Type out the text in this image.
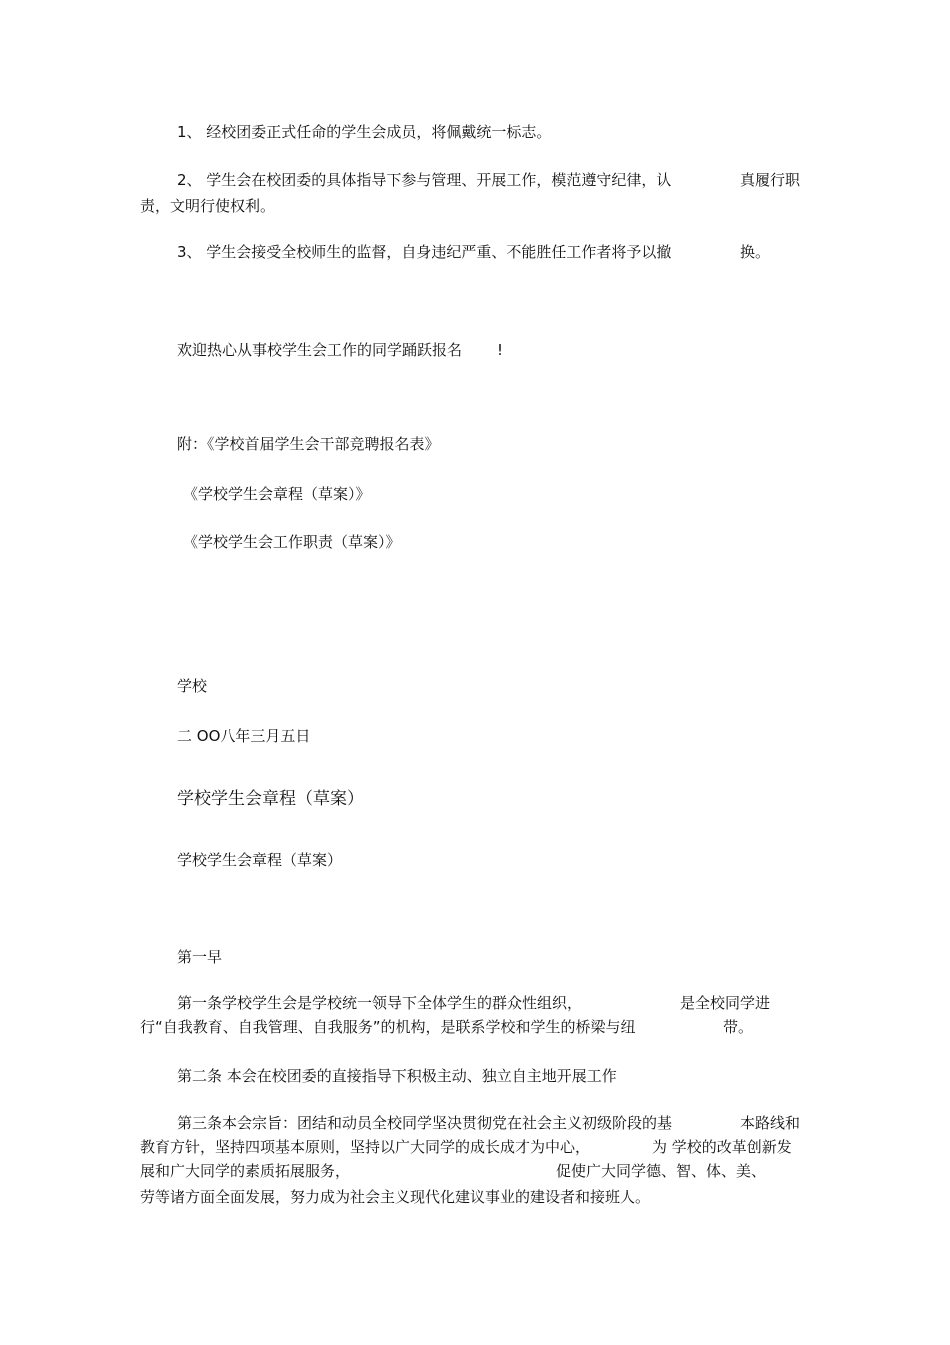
1、 经校团委正式任命的学生会成员，将佩戴统一标志。
2、 学生会在校团委的具体指导下参与管理、开展工作，模范遵守纪律，认	真履行职
责，文明行使权利。
3、 学生会接受全校师生的监督，自身违纪严重、不能胜任工作者将予以撤	换。
欢迎热心从事校学生会工作的同学踊跃报名 !
附：《学校首届学生会干部竞聘报名表》
《学校学生会章程（草案）》
《学校学生会工作职责（草案）》
学校
二 OO八年三月五日
学校学生会章程（草案）
学校学生会章程（草案）
第一早
第一条学校学生会是学校统一领导下全体学生的群众性组织，	是全校同学进
行“自我教育、自我管理、自我服务”的机构，是联系学校和学生的桥梁与纽	带。
第二条 本会在校团委的直接指导下积极主动、独立自主地开展工作
第三条本会宗旨：团结和动员全校同学坚决贯彻党在社会主义初级阶段的基	本路线和
教育方针，坚持四项基本原则，坚持以广大同学的成长成才为中心，	为 学校的改革创新发
展和广大同学的素质拓展服务，	促使广大同学德、智、体、美、
劳等诸方面全面发展，努力成为社会主义现代化建议事业的建设者和接班人。
